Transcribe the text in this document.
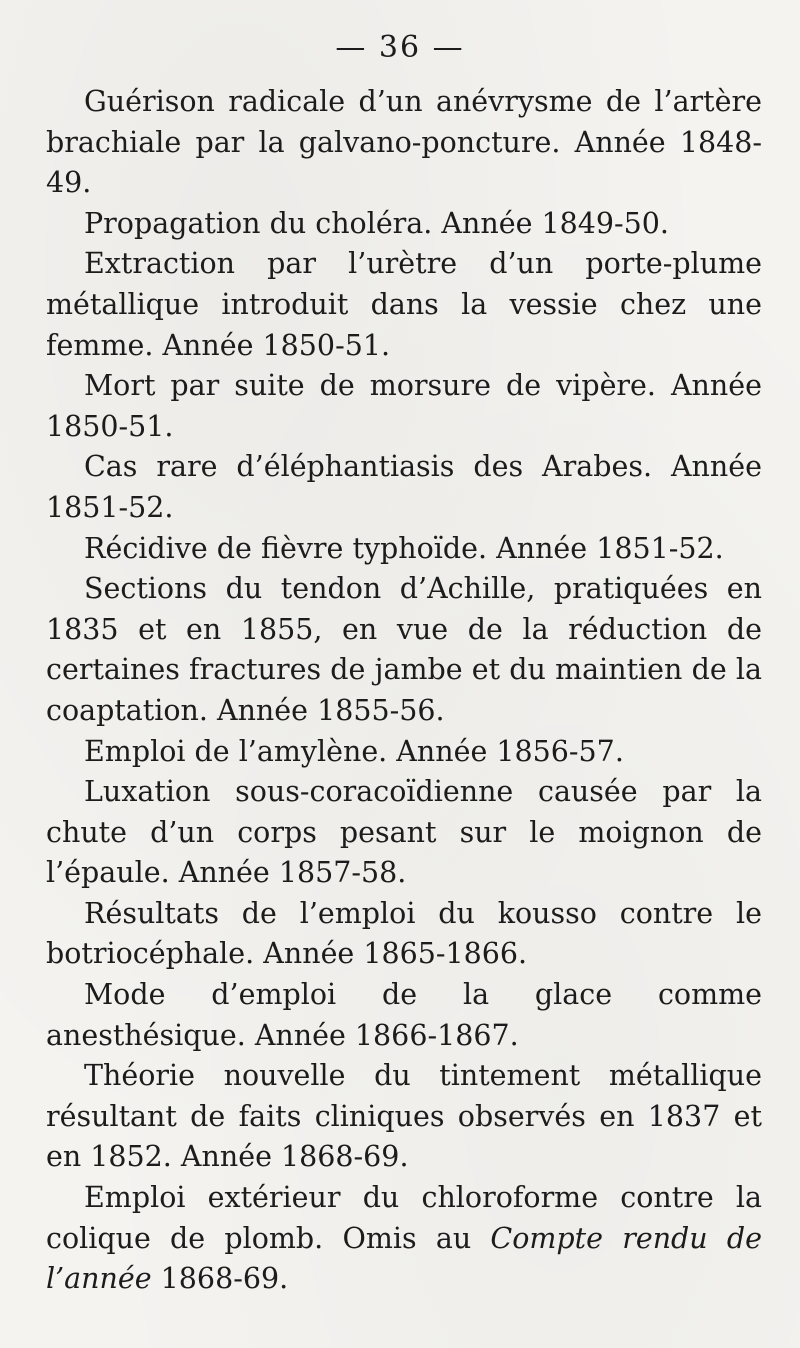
— 36 —

Guérison radicale d’un anévrysme de l’artère brachiale par la galvano-poncture. Année 1848-49.

Propagation du choléra. Année 1849-50.

Extraction par l’urètre d’un porte-plume métallique introduit dans la vessie chez une femme. Année 1850-51.

Mort par suite de morsure de vipère. Année 1850-51.

Cas rare d’éléphantiasis des Arabes. Année 1851-52.

Récidive de fièvre typhoïde. Année 1851-52.

Sections du tendon d’Achille, pratiquées en 1835 et en 1855, en vue de la réduction de certaines fractures de jambe et du maintien de la coaptation. Année 1855-56.

Emploi de l’amylène. Année 1856-57.

Luxation sous-coracoïdienne causée par la chute d’un corps pesant sur le moignon de l’épaule. Année 1857-58.

Résultats de l’emploi du kousso contre le botriocéphale. Année 1865-1866.

Mode d’emploi de la glace comme anesthésique. Année 1866-1867.

Théorie nouvelle du tintement métallique résultant de faits cliniques observés en 1837 et en 1852. Année 1868-69.

Emploi extérieur du chloroforme contre la colique de plomb. Omis au Compte rendu de l’année 1868-69.
